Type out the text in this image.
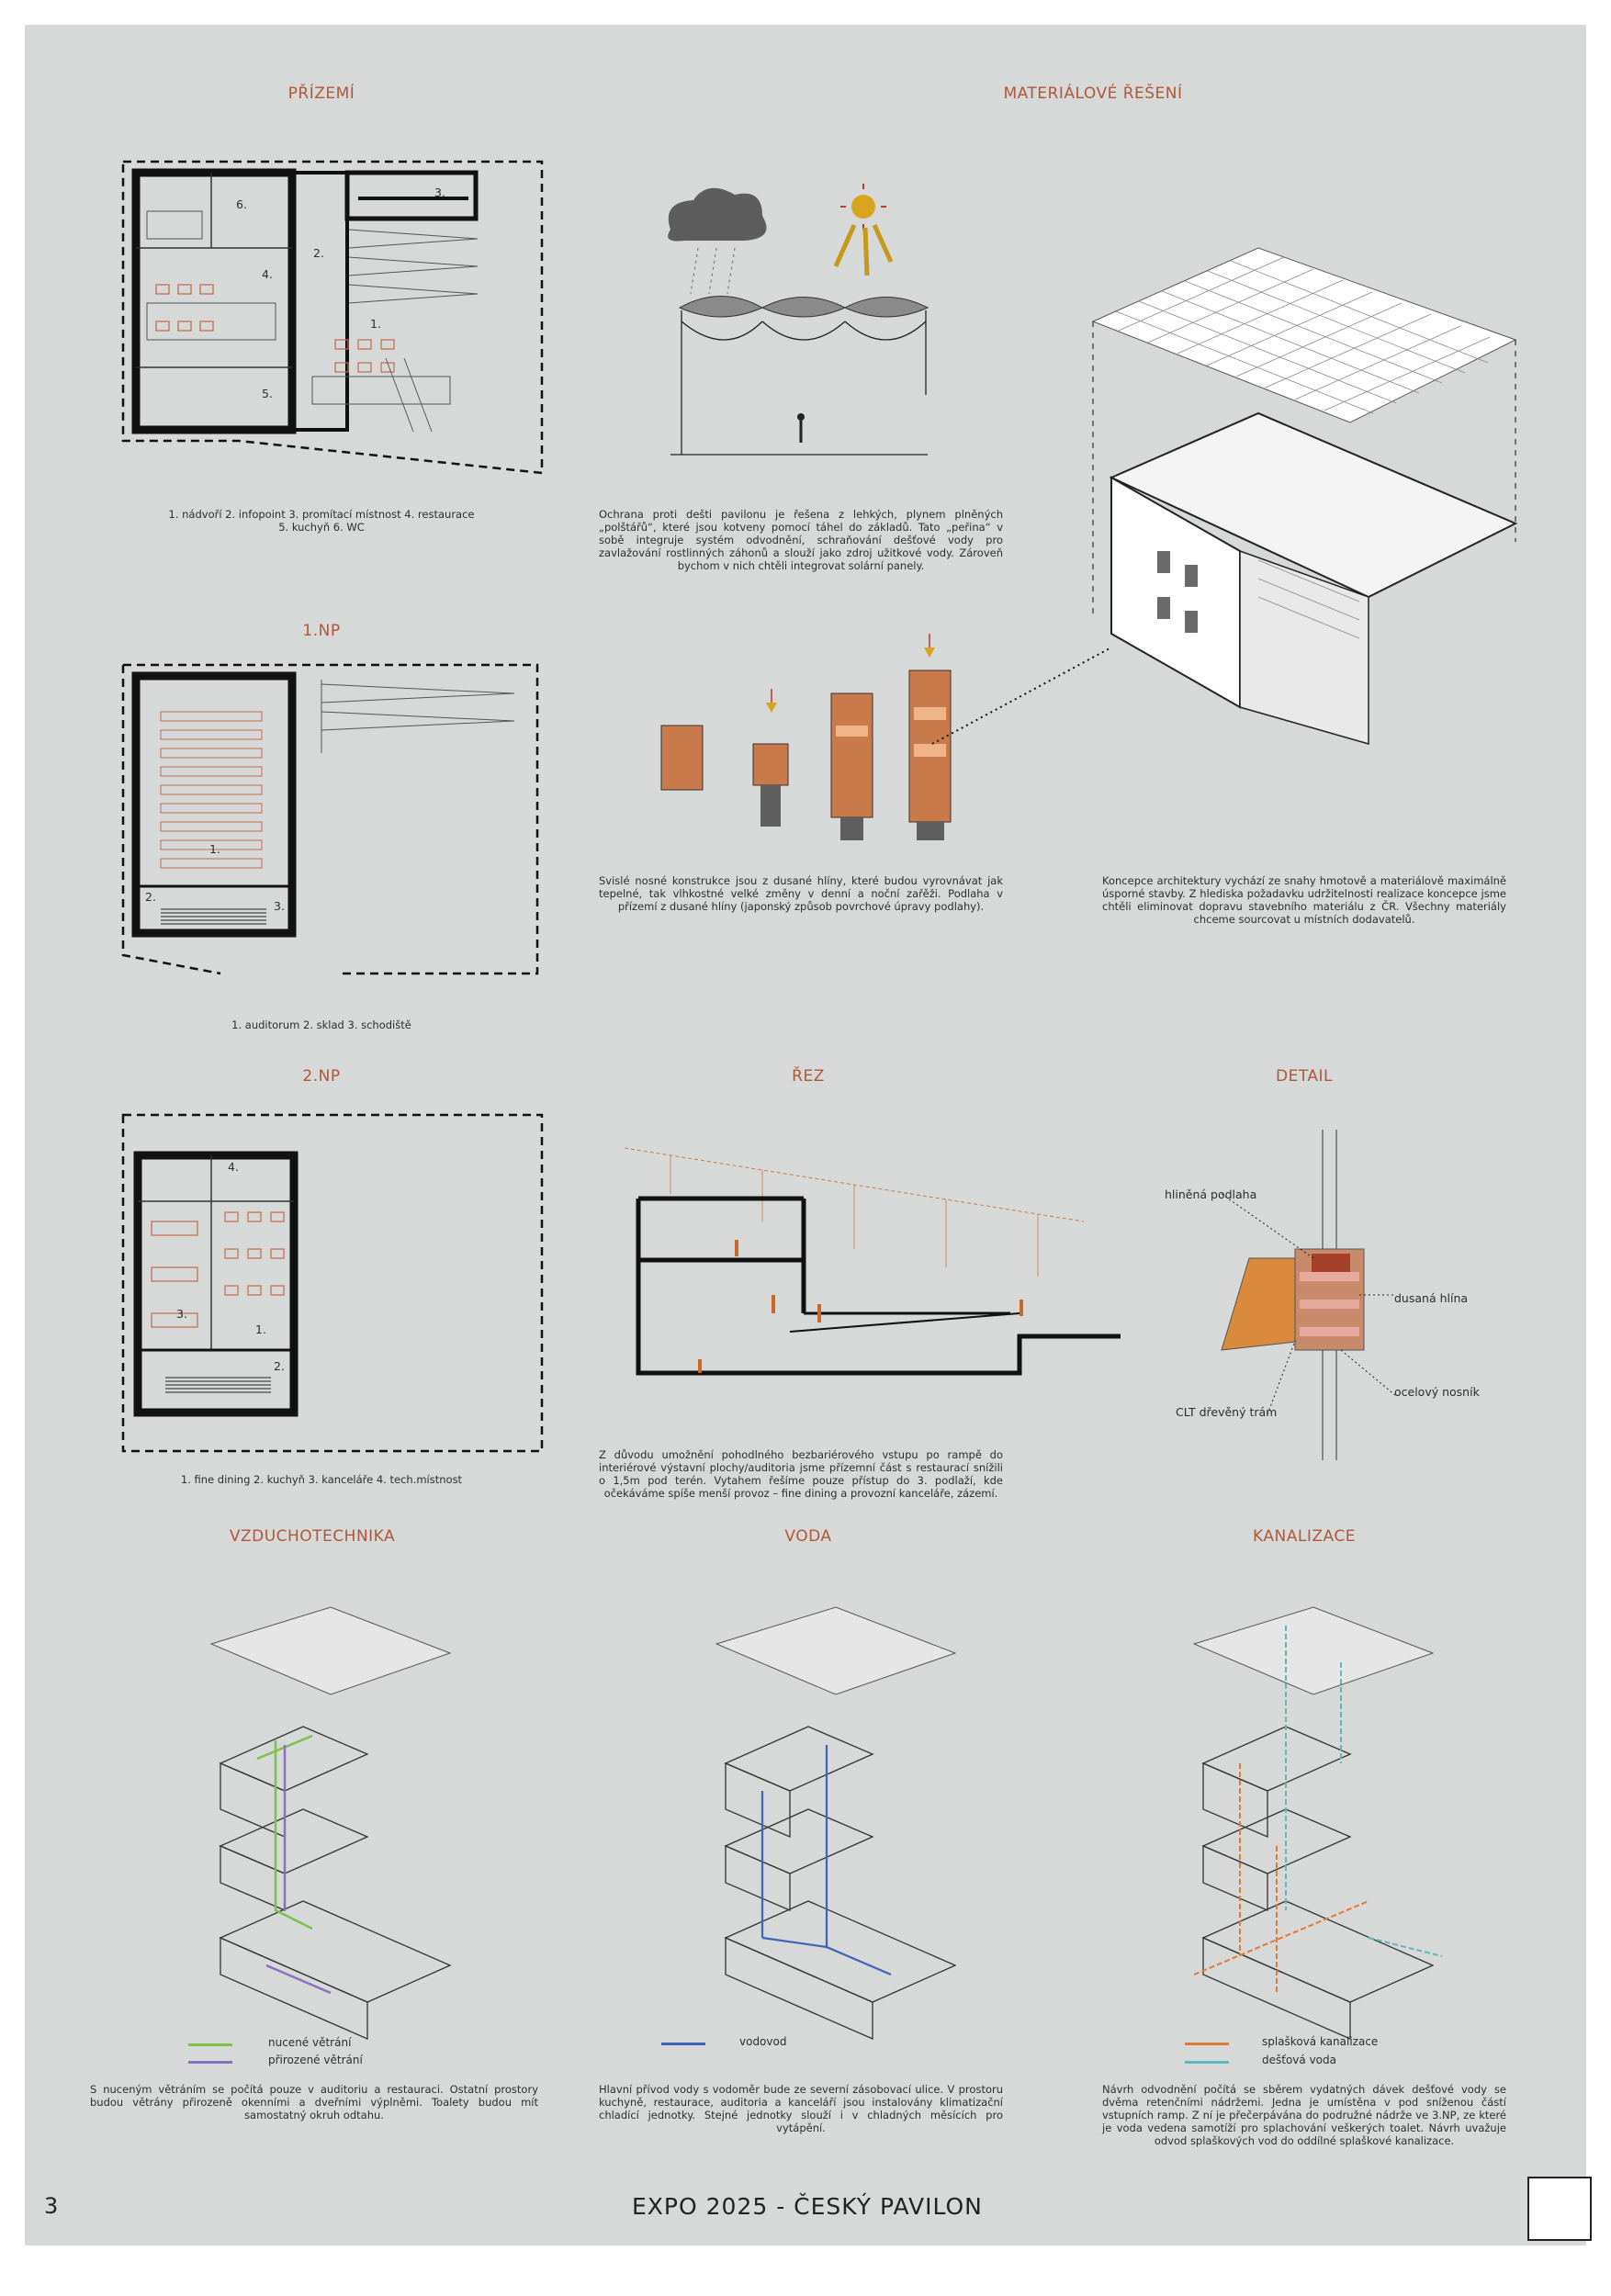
PŘÍZEMÍ
1.
2.
3.
4.
5.
6.
1. nádvoří 2. infopoint 3. promítací místnost 4. restaurace
5. kuchyň 6. WC
1.NP
1.
2.
3.
1. auditorum 2. sklad 3. schodiště
2.NP
1.
2.
3.
4.
1. fine dining 2. kuchyň 3. kanceláře 4. tech.místnost
MATERIÁLOVÉ ŘEŠENÍ
Ochrana proti dešti pavilonu je řešena z lehkých, plynem plněných „polštářů“, které jsou kotveny pomocí táhel do základů. Tato „peřina“ v sobě integruje systém odvodnění, schraňování dešťové vody pro zavlažování rostlinných záhonů a slouží jako zdroj užitkové vody. Zároveň bychom v nich chtěli integrovat solární panely.
Svislé nosné konstrukce jsou z dusané hlíny, které budou vyrovnávat jak tepelné, tak vlhkostné velké změny v denní a noční zařěži. Podlaha v přízemí z dusané hlíny (japonský způsob povrchové úpravy podlahy).
Koncepce architektury vychází ze snahy hmotově a materiálově maximálně úsporné stavby. Z hlediska požadavku udržitelnosti realizace koncepce jsme chtěli eliminovat dopravu stavebního materiálu z ČR. Všechny materiály chceme sourcovat u místních dodavatelů.
ŘEZ
Z důvodu umožnění pohodlného bezbariérového vstupu po rampě do interiérové výstavní plochy/auditoria jsme přízemní část s restaurací snížili o 1,5m pod terén. Vytahem řešíme pouze přístup do 3. podlaží, kde očekáváme spíše menší provoz – fine dining a provozní kanceláře, zázemí.
DETAIL
hliněná podlaha
dusaná hlína
ocelový nosník
CLT dřevěný trám
VZDUCHOTECHNIKA
nucené větrání
přirozené větrání
S nuceným větráním se počítá pouze v auditoriu a restauraci. Ostatní prostory budou větrány přirozeně okenními a dveřními výplněmi. Toalety budou mít samostatný okruh odtahu.
VODA
vodovod
Hlavní přívod vody s vodoměr bude ze severní zásobovací ulice. V prostoru kuchyně, restaurace, auditoria a kanceláří jsou instalovány klimatizační chladící jednotky. Stejné jednotky slouží i v chladných měsících pro vytápění.
KANALIZACE
splašková kanalizace
dešťová voda
Návrh odvodnění počítá se sběrem vydatných dávek dešťové vody se dvěma retenčními nádržemi. Jedna je umístěna v pod sníženou částí vstupních ramp. Z ní je přečerpávána do podružné nádrže ve 3.NP, ze které je voda vedena samotíží pro splachování veškerých toalet. Návrh uvažuje odvod splaškových vod do oddílné splaškové kanalizace.
3	EXPO 2025 - ČESKÝ PAVILON
